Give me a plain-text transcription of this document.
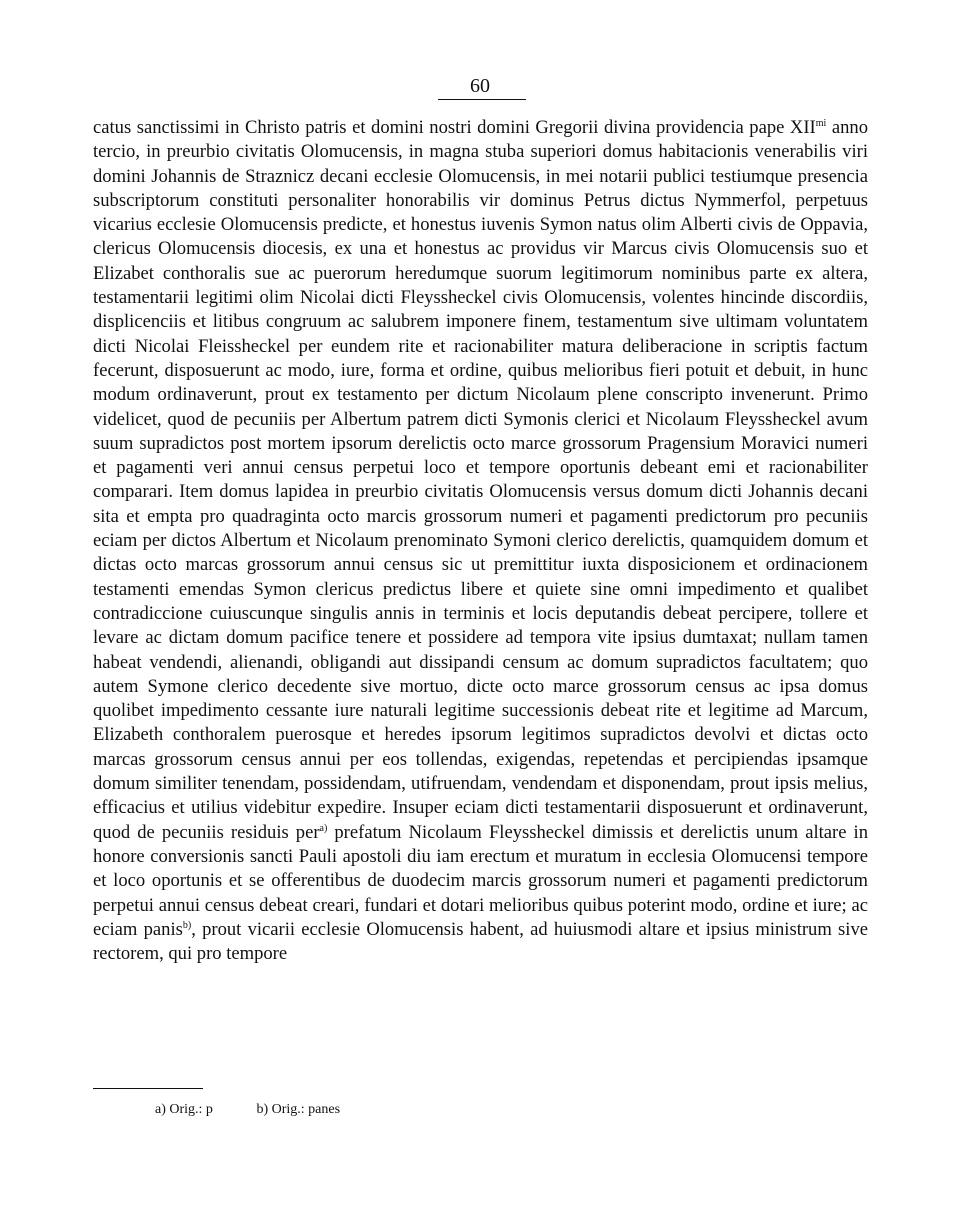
60

catus sanctissimi in Christo patris et domini nostri domini Gregorii divina providencia pape $XII^{mi}$ anno tercio, in preurbio civitatis Olomucensis, in magna stuba superiori domus habitacionis venerabilis viri domini Johannis de Straznicz decani ecclesie Olomucensis, in mei notarii publici testiumque presencia subscriptorum constituti personaliter honorabilis vir dominus Petrus dictus Nymmerfol, perpetuus vicarius ecclesie Olomucensis predicte, et honestus iuvenis Symon natus olim Alberti civis de Oppavia, clericus Olomucensis diocesis, ex una et honestus ac providus vir Marcus civis Olomucensis suo et Elizabet conthoralis sue ac puerorum heredumque suorum legitimorum nominibus parte ex altera, testamentarii legitimi olim Nicolai dicti Fleyssheckel civis Olomucensis, volentes hincinde discordiis, displicenciis et litibus congruum ac salubrem imponere finem, testamentum sive ultimam voluntatem dicti Nicolai Fleissheckel per eundem rite et racionabiliter matura deliberacione in scriptis factum fecerunt, disposuerunt ac modo, iure, forma et ordine, quibus melioribus fieri potuit et debuit, in hunc modum ordinaverunt, prout ex testamento per dictum Nicolaum plene conscripto invenerunt. Primo videlicet, quod de pecuniis per Albertum patrem dicti Symonis clerici et Nicolaum Fleyssheckel avum suum supradictos post mortem ipsorum derelictis octo marce grossorum Pragensium Moravici numeri et pagamenti veri annui census perpetui loco et tempore oportunis debeant emi et racionabiliter comparari. Item domus lapidea in preurbio civitatis Olomucensis versus domum dicti Johannis decani sita et empta pro quadraginta octo marcis grossorum numeri et pagamenti predictorum pro pecuniis eciam per dictos Albertum et Nicolaum prenominato Symoni clerico derelictis, quamquidem domum et dictas octo marcas grossorum annui census sic ut premittitur iuxta disposicionem et ordinacionem testamenti emendas Symon clericus predictus libere et quiete sine omni impedimento et qualibet contradiccione cuiuscunque singulis annis in terminis et locis deputandis debeat percipere, tollere et levare ac dictam domum pacifice tenere et possidere ad tempora vite ipsius dumtaxat; nullam tamen habeat vendendi, alienandi, obligandi aut dissipandi censum ac domum supradictos facultatem; quo autem Symone clerico decedente sive mortuo, dicte octo marce grossorum census ac ipsa domus quolibet impedimento cessante iure naturali legitime successionis debeat rite et legitime ad Marcum, Elizabeth conthoralem puerosque et heredes ipsorum legitimos supradictos devolvi et dictas octo marcas grossorum census annui per eos tollendas, exigendas, repetendas et percipiendas ipsamque domum similiter tenendam, possidendam, utifruendam, vendendam et disponendam, prout ipsis melius, efficacius et utilius videbitur expedire. Insuper eciam dicti testamentarii disposuerunt et ordinaverunt, quod de pecuniis residuis per$^{a)}$ prefatum Nicolaum Fleyssheckel dimissis et derelictis unum altare in honore conversionis sancti Pauli apostoli diu iam erectum et muratum in ecclesia Olomucensi tempore et loco oportunis et se offerentibus de duodecim marcis grossorum numeri et pagamenti predictorum perpetui annui census debeat creari, fundari et dotari melioribus quibus poterint modo, ordine et iure; ac eciam panis$^{b)}$, prout vicarii ecclesie Olomucensis habent, ad huiusmodi altare et ipsius ministrum sive rectorem, qui pro tempore

a) Orig.: p	b) Orig.: panes
